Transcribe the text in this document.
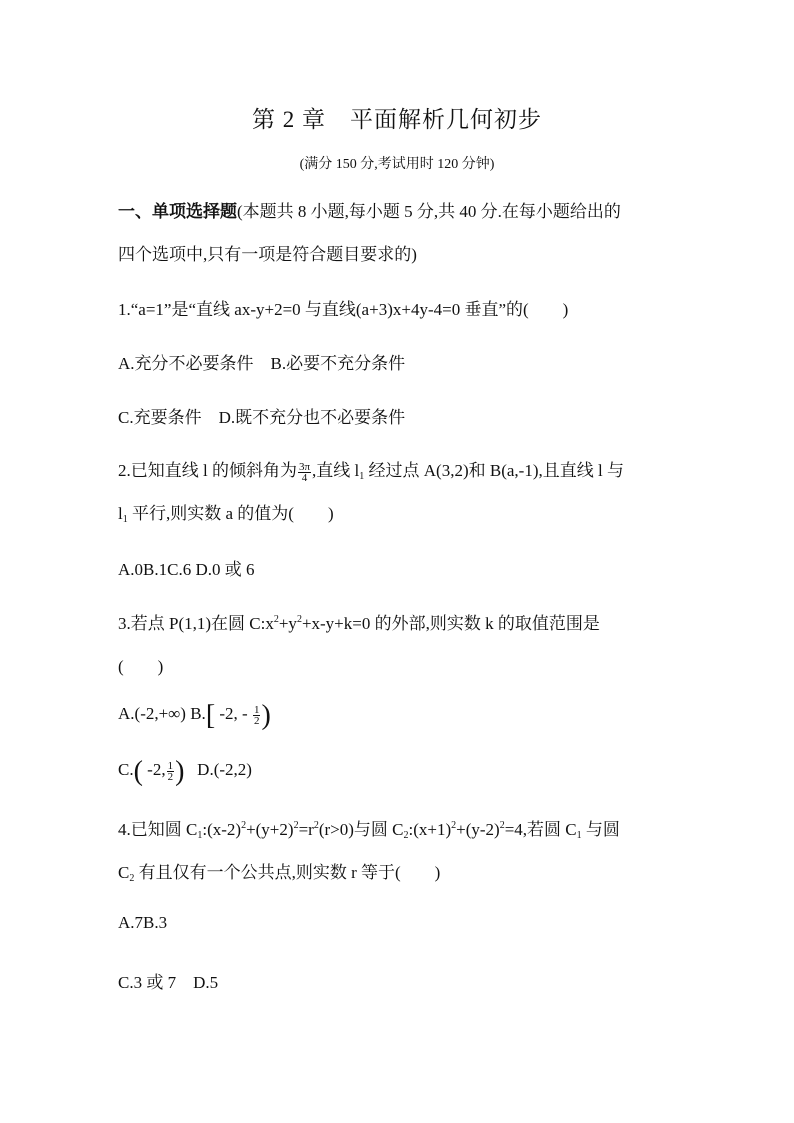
第 2 章　平面解析几何初步
(满分 150 分,考试用时 120 分钟)
一、单项选择题(本题共 8 小题,每小题 5 分,共 40 分.在每小题给出的
四个选项中,只有一项是符合题目要求的)
1.“a=1”是“直线 ax-y+2=0 与直线(a+3)x+4y-4=0 垂直”的(　　)
A.充分不必要条件　B.必要不充分条件
C.充要条件　D.既不充分也不必要条件
2.已知直线 l 的倾斜角为 $\frac{3\pi}{4}$ ,直线 $l_1$ 经过点 A(3,2)和 B(a,-1),且直线 l 与
$l_1$ 平行,则实数 a 的值为(　　)
A.0B.1C.6 D.0 或 6
3.若点 P(1,1)在圆 $C:x^2+y^2+x-y+k=0$ 的外部,则实数 k 的取值范围是
(　　)
A.(-2,+∞) B.[ -2, - $\frac{1}{2}$ )
C.( -2, $\frac{1}{2}$ )   D.(-2,2)
4.已知圆 $C_1:(x-2)^2+(y+2)^2=r^2(r>0)$与圆 $C_2:(x+1)^2+(y-2)^2=4$,若圆 $C_1$ 与圆
$C_2$ 有且仅有一个公共点,则实数 r 等于(　　)
A.7B.3
C.3 或 7　D.5
